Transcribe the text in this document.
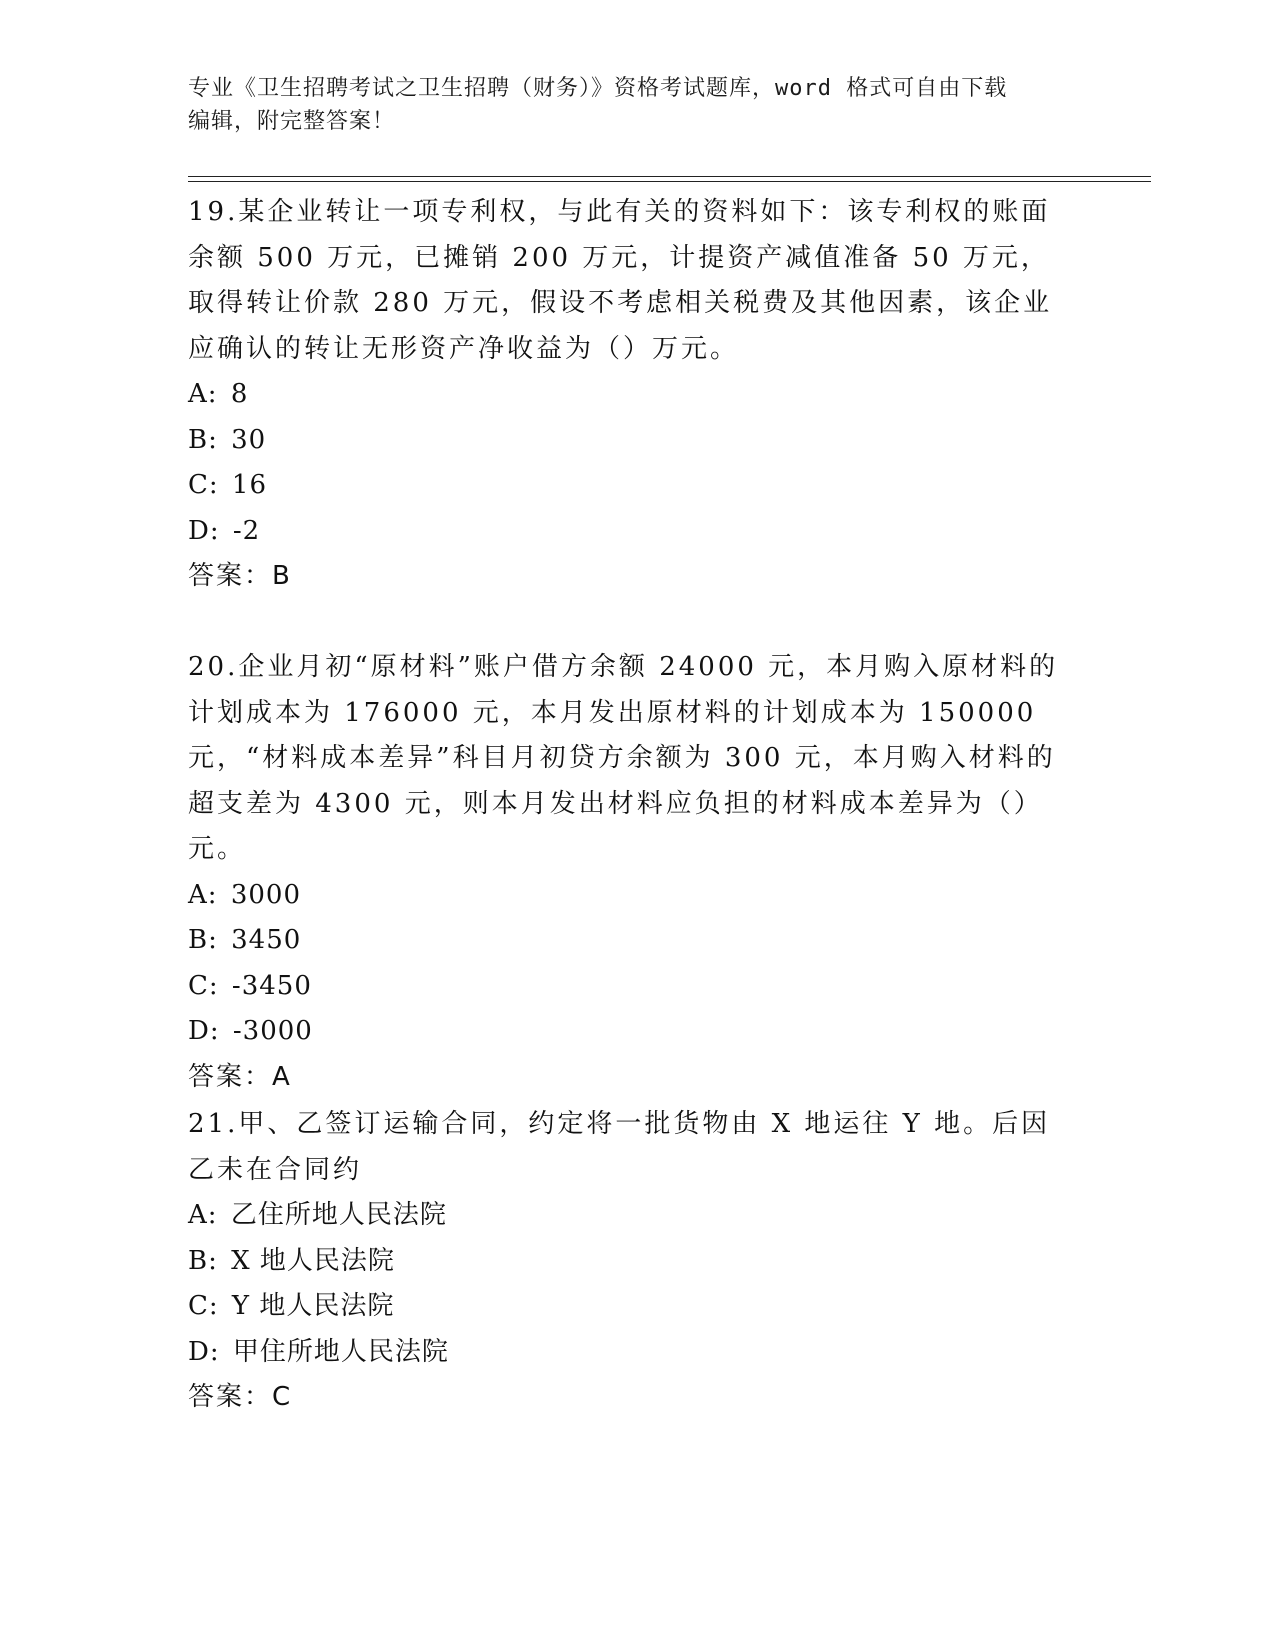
专业《卫生招聘考试之卫生招聘（财务）》资格考试题库，word 格式可自由下载
编辑，附完整答案！

19.某企业转让一项专利权，与此有关的资料如下：该专利权的账面余额 500 万元，已摊销 200 万元，计提资产减值准备 50 万元，取得转让价款 280 万元，假设不考虑相关税费及其他因素，该企业应确认的转让无形资产净收益为（）万元。

A: 8

B: 30

C: 16

D: -2

答案：B

20.企业月初“原材料”账户借方余额 24000 元，本月购入原材料的计划成本为 176000 元，本月发出原材料的计划成本为 150000 元，“材料成本差异”科目月初贷方余额为 300 元，本月购入材料的超支差为 4300 元，则本月发出材料应负担的材料成本差异为（）元。

A: 3000

B: 3450

C: -3450

D: -3000

答案：A

21.甲、乙签订运输合同，约定将一批货物由 X 地运往 Y 地。后因乙未在合同约

A: 乙住所地人民法院

B: X 地人民法院

C: Y 地人民法院

D: 甲住所地人民法院

答案：C
